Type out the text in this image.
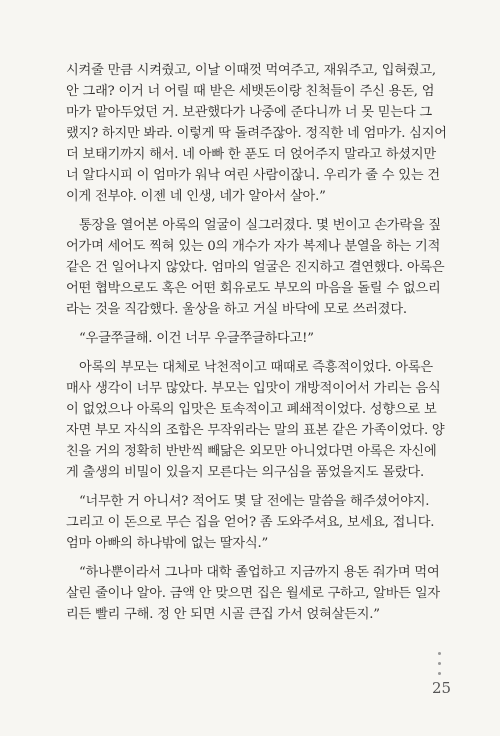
시켜줄 만큼 시켜줬고, 이날 이때껏 먹여주고, 재워주고, 입혀줬고,
안 그래? 이거 너 어릴 때 받은 세뱃돈이랑 친척들이 주신 용돈, 엄
마가 맡아두었던 거. 보관했다가 나중에 준다니까 너 못 믿는다 그
랬지? 하지만 봐라. 이렇게 딱 돌려주잖아. 정직한 네 엄마가. 심지어
더 보태기까지 해서. 네 아빠 한 푼도 더 얹어주지 말라고 하셨지만
너 알다시피 이 엄마가 워낙 여린 사람이잖니. 우리가 줄 수 있는 건
이게 전부야. 이젠 네 인생, 네가 알아서 살아.”
통장을 열어본 아록의 얼굴이 실그러졌다. 몇 번이고 손가락을 짚
어가며 세어도 찍혀 있는 0의 개수가 자가 복제나 분열을 하는 기적
같은 건 일어나지 않았다. 엄마의 얼굴은 진지하고 결연했다. 아록은
어떤 협박으로도 혹은 어떤 회유로도 부모의 마음을 돌릴 수 없으리
라는 것을 직감했다. 울상을 하고 거실 바닥에 모로 쓰러졌다.
“우글쭈글해. 이건 너무 우글쭈글하다고!”
아록의 부모는 대체로 낙천적이고 때때로 즉흥적이었다. 아록은
매사 생각이 너무 많았다. 부모는 입맛이 개방적이어서 가리는 음식
이 없었으나 아록의 입맛은 토속적이고 폐쇄적이었다. 성향으로 보
자면 부모 자식의 조합은 무작위라는 말의 표본 같은 가족이었다. 양
친을 거의 정확히 반반씩 빼닮은 외모만 아니었다면 아록은 자신에
게 출생의 비밀이 있을지 모른다는 의구심을 품었을지도 몰랐다.
“너무한 거 아니셔? 적어도 몇 달 전에는 말씀을 해주셨어야지.
그리고 이 돈으로 무슨 집을 얻어? 좀 도와주셔요, 보세요, 접니다.
엄마 아빠의 하나밖에 없는 딸자식.”
“하나뿐이라서 그나마 대학 졸업하고 지금까지 용돈 줘가며 먹여
살린 줄이나 알아. 금액 안 맞으면 집은 월세로 구하고, 알바든 일자
리든 빨리 구해. 정 안 되면 시골 큰집 가서 얹혀살든지.”
25
